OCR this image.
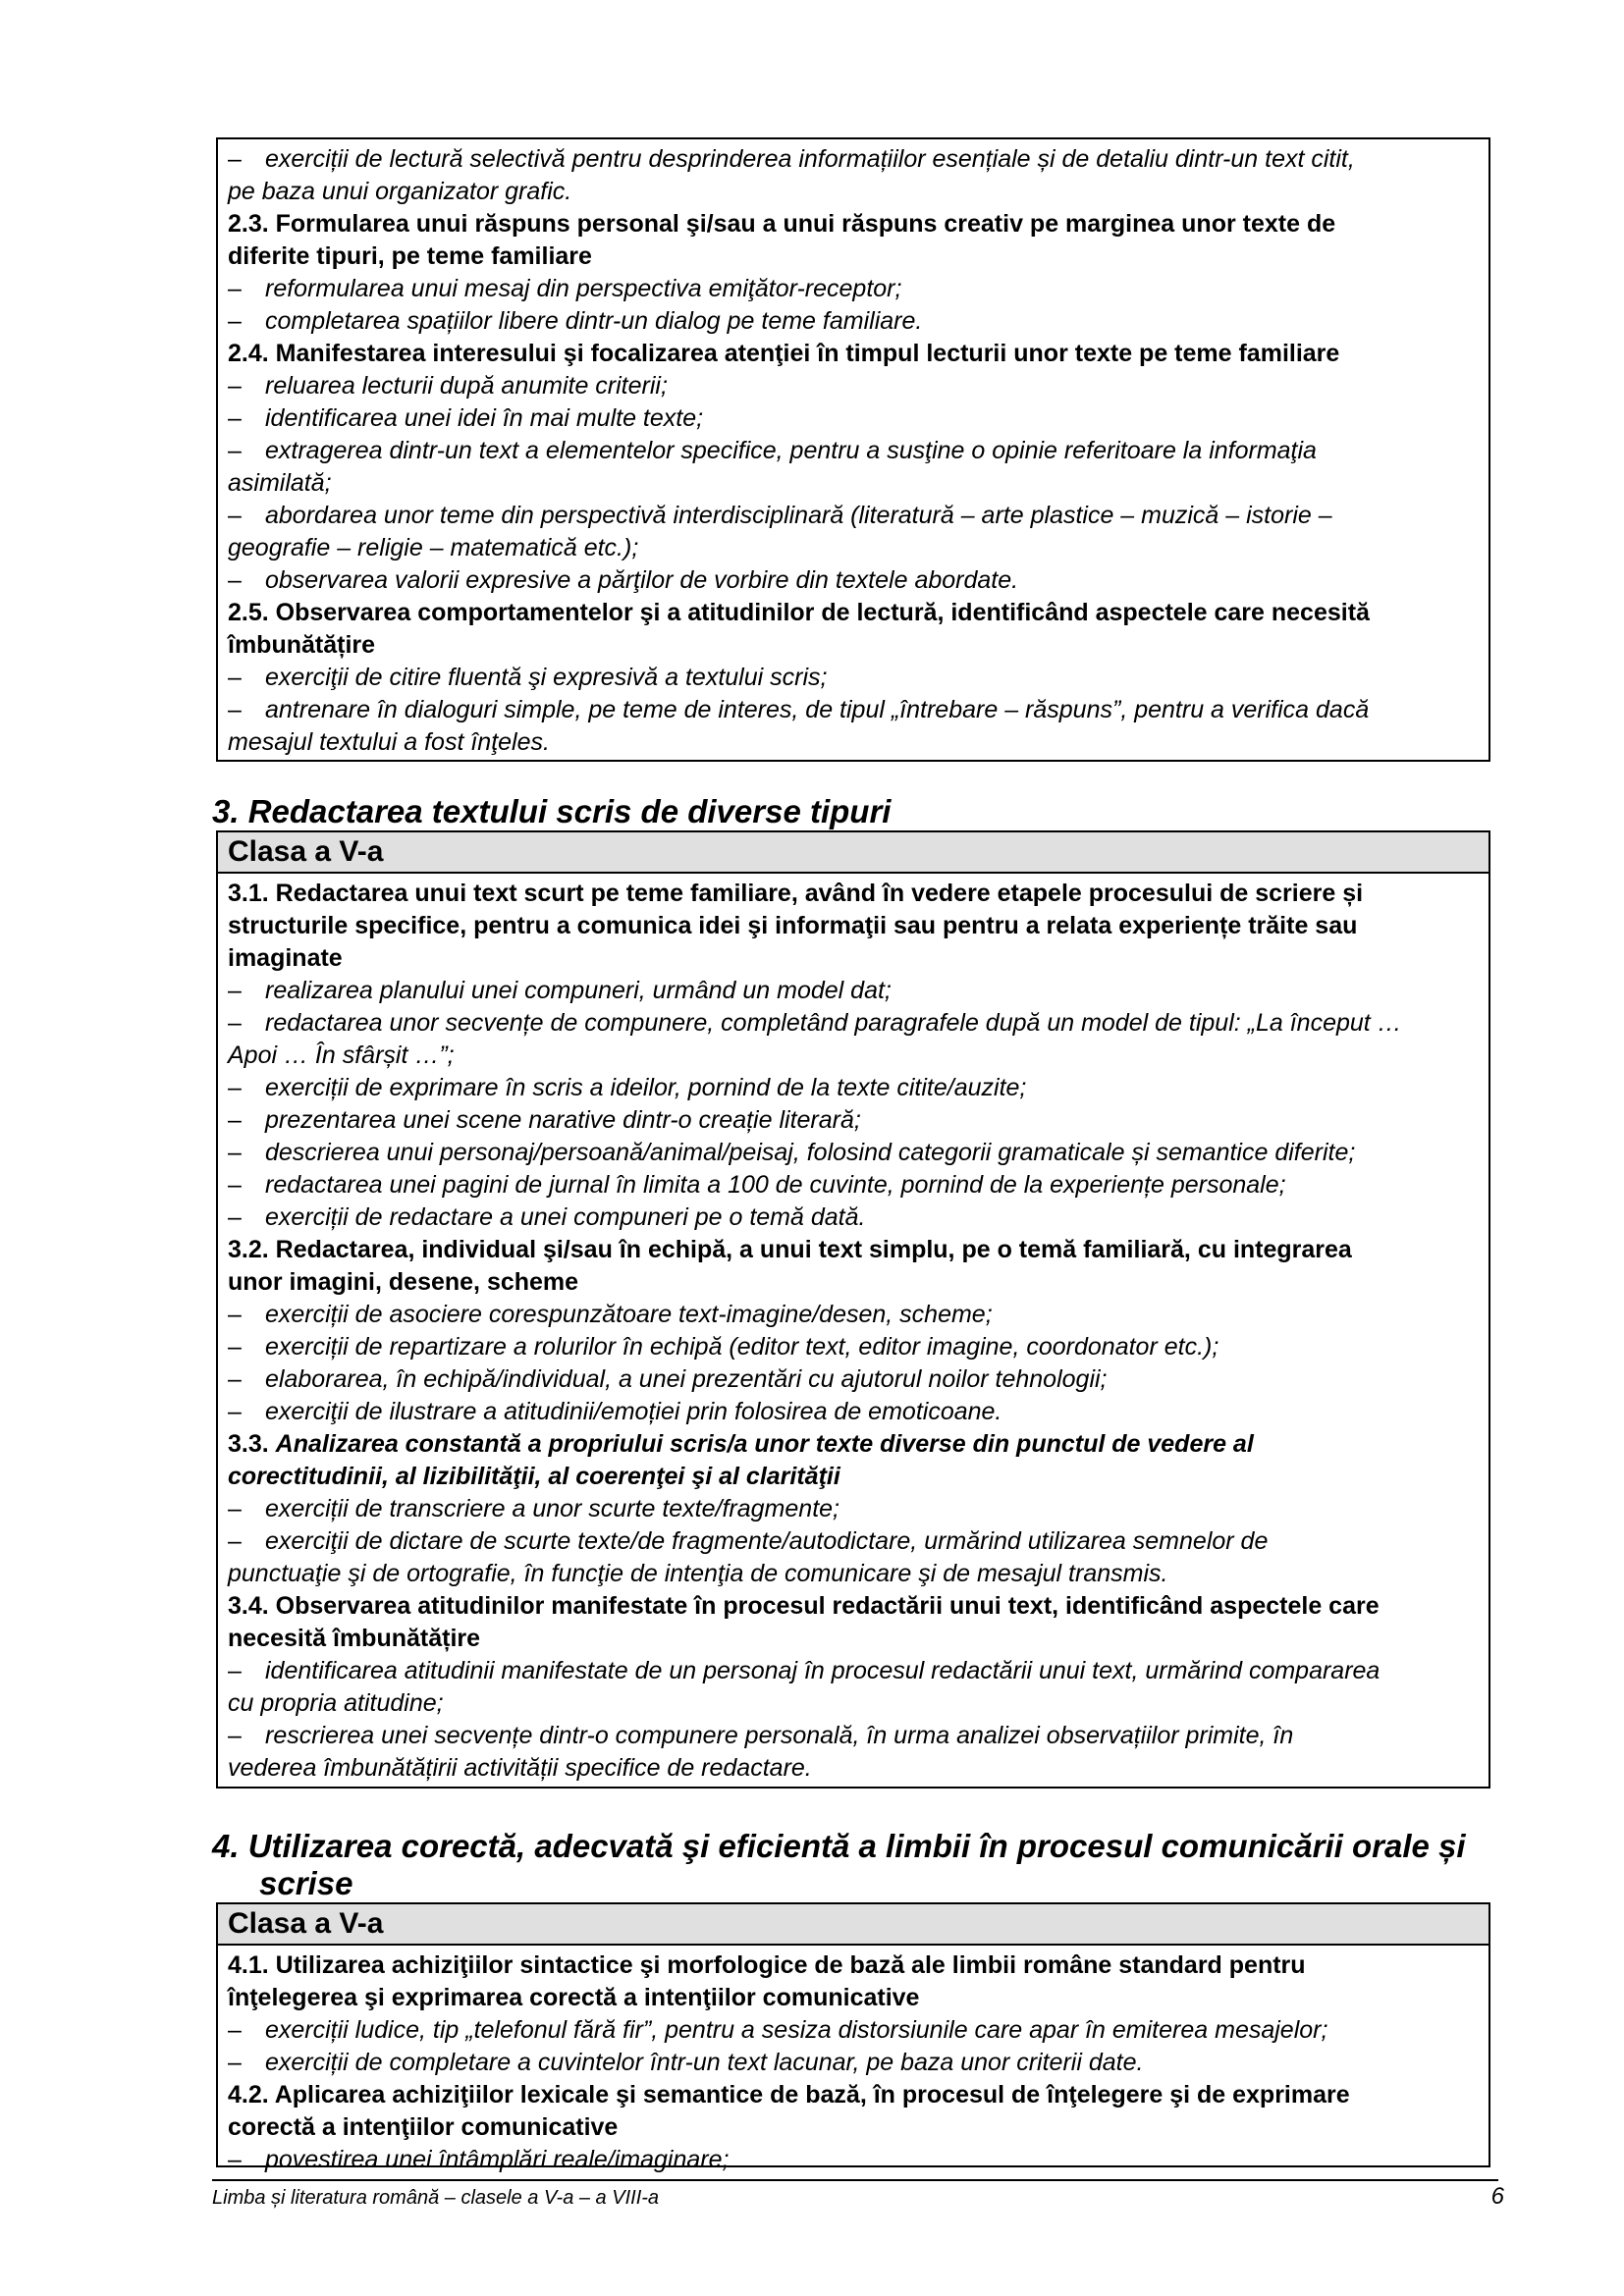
– exerciții de lectură selectivă pentru desprinderea informațiilor esențiale și de detaliu dintr-un text citit,
pe baza unui organizator grafic.
2.3. Formularea unui răspuns personal şi/sau a unui răspuns creativ pe marginea unor texte de
diferite tipuri, pe teme familiare
– reformularea unui mesaj din perspectiva emiţător-receptor;
– completarea spațiilor libere dintr-un dialog pe teme familiare.
2.4. Manifestarea interesului şi focalizarea atenţiei în timpul lecturii unor texte pe teme familiare
– reluarea lecturii după anumite criterii;
– identificarea unei idei în mai multe texte;
– extragerea dintr-un text a elementelor specifice, pentru a susţine o opinie referitoare la informaţia
asimilată;
– abordarea unor teme din perspectivă interdisciplinară (literatură – arte plastice – muzică – istorie –
geografie – religie – matematică etc.);
– observarea valorii expresive a părţilor de vorbire din textele abordate.
2.5. Observarea comportamentelor şi a atitudinilor de lectură, identificând aspectele care necesită
îmbunătățire
– exerciţii de citire fluentă şi expresivă a textului scris;
– antrenare în dialoguri simple, pe teme de interes, de tipul „întrebare – răspuns”, pentru a verifica dacă
mesajul textului a fost înţeles.
3. Redactarea textului scris de diverse tipuri
Clasa a V-a
3.1. Redactarea unui text scurt pe teme familiare, având în vedere etapele procesului de scriere și
structurile specifice, pentru a comunica idei şi informaţii sau pentru a relata experiențe trăite sau
imaginate
– realizarea planului unei compuneri, urmând un model dat;
– redactarea unor secvențe de compunere, completând paragrafele după un model de tipul: „La început …
Apoi … În sfârșit …”;
– exerciții de exprimare în scris a ideilor, pornind de la texte citite/auzite;
– prezentarea unei scene narative dintr-o creație literară;
– descrierea unui personaj/persoană/animal/peisaj, folosind categorii gramaticale și semantice diferite;
– redactarea unei pagini de jurnal în limita a 100 de cuvinte, pornind de la experiențe personale;
– exerciții de redactare a unei compuneri pe o temă dată.
3.2. Redactarea, individual şi/sau în echipă, a unui text simplu, pe o temă familiară, cu integrarea
unor imagini, desene, scheme
– exerciții de asociere corespunzătoare text-imagine/desen, scheme;
– exerciții de repartizare a rolurilor în echipă (editor text, editor imagine, coordonator etc.);
– elaborarea, în echipă/individual, a unei prezentări cu ajutorul noilor tehnologii;
– exerciţii de ilustrare a atitudinii/emoției prin folosirea de emoticoane.
3.3. Analizarea constantă a propriului scris/a unor texte diverse din punctul de vedere al
corectitudinii, al lizibilităţii, al coerenţei şi al clarităţii
– exerciții de transcriere a unor scurte texte/fragmente;
– exerciţii de dictare de scurte texte/de fragmente/autodictare, urmărind utilizarea semnelor de
punctuaţie şi de ortografie, în funcţie de intenţia de comunicare şi de mesajul transmis.
3.4. Observarea atitudinilor manifestate în procesul redactării unui text, identificând aspectele care
necesită îmbunătățire
– identificarea atitudinii manifestate de un personaj în procesul redactării unui text, urmărind compararea
cu propria atitudine;
– rescrierea unei secvențe dintr-o compunere personală, în urma analizei observațiilor primite, în
vederea îmbunătățirii activității specifice de redactare.
4. Utilizarea corectă, adecvată şi eficientă a limbii în procesul comunicării orale și
scrise
Clasa a V-a
4.1. Utilizarea achiziţiilor sintactice şi morfologice de bază ale limbii române standard pentru
înţelegerea şi exprimarea corectă a intenţiilor comunicative
– exerciții ludice, tip „telefonul fără fir”, pentru a sesiza distorsiunile care apar în emiterea mesajelor;
– exerciții de completare a cuvintelor într-un text lacunar, pe baza unor criterii date.
4.2. Aplicarea achiziţiilor lexicale şi semantice de bază, în procesul de înţelegere şi de exprimare
corectă a intenţiilor comunicative
– povestirea unei întâmplări reale/imaginare;
Limba și literatura română – clasele a V-a – a VIII-a	6
